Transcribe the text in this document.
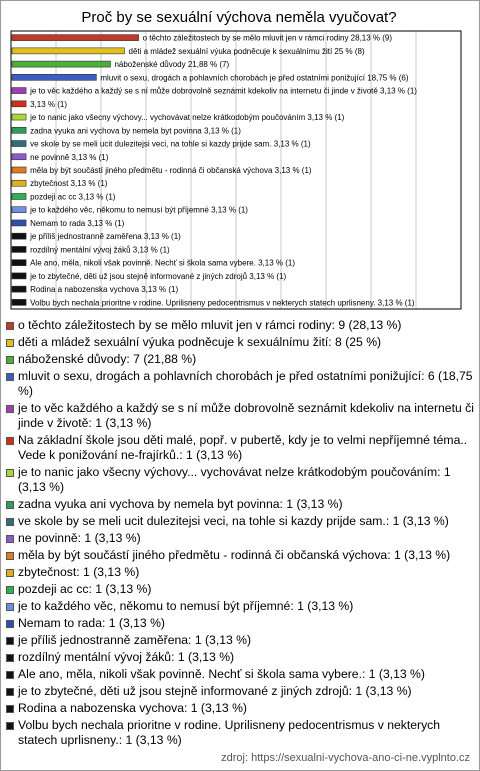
Proč by se sexuální výchova neměla vyučovat?
o těchto záležitostech by se mělo mluvit jen v rámci rodiny 28,13 % (9)
děti a mládež sexuální výuka podněcuje k sexuálnímu žití 25 % (8)
náboženské důvody 21,88 % (7)
mluvit o sexu, drogách a pohlavních chorobách je před ostatními ponižující 18,75 % (6)
je to věc každého a každý se s ní může dobrovolně seznámit kdekoliv na internetu či jinde v životě 3,13 % (1)
3,13 % (1)
je to nanic jako všecny výchovy... vychovávat nelze krátkodobým poučováním 3,13 % (1)
zadna vyuka ani vychova by nemela byt povinna 3,13 % (1)
ve skole by se meli ucit dulezitejsi veci, na tohle si kazdy prijde sam. 3,13 % (1)
ne povinně 3,13 % (1)
měla by být součástí jiného předmětu - rodinná či občanská výchova 3,13 % (1)
zbytečnost 3,13 % (1)
pozdeji ac cc 3,13 % (1)
je to každého věc, někomu to nemusí být příjemné 3,13 % (1)
Nemam to rada 3,13 % (1)
je příliš jednostranně zaměřena 3,13 % (1)
rozdílný mentální vývoj žáků 3,13 % (1)
Ale ano, měla, nikoli však povinně. Nechť si škola sama vybere. 3,13 % (1)
je to zbytečné, děti už jsou stejně informované z jiných zdrojů 3,13 % (1)
Rodina a nabozenska vychova 3,13 % (1)
Volbu bych nechala prioritne v rodine. Uprilisneny pedocentrismus v nekterych statech uprlisneny. 3,13 % (1)
o těchto záležitostech by se mělo mluvit jen v rámci rodiny: 9 (28,13 %)
děti a mládež sexuální výuka podněcuje k sexuálnímu žití: 8 (25 %)
náboženské důvody: 7 (21,88 %)
mluvit o sexu, drogách a pohlavních chorobách je před ostatními ponižující: 6 (18,75 %)
je to věc každého a každý se s ní může dobrovolně seznámit kdekoliv na internetu či jinde v životě: 1 (3,13 %)
Na základní škole jsou děti malé, popř. v pubertě, kdy je to velmi nepříjemné téma.. Vede k ponižování ne-frajírků.: 1 (3,13 %)
je to nanic jako všecny výchovy... vychovávat nelze krátkodobým poučováním: 1 (3,13 %)
zadna vyuka ani vychova by nemela byt povinna: 1 (3,13 %)
ve skole by se meli ucit dulezitejsi veci, na tohle si kazdy prijde sam.: 1 (3,13 %)
ne povinně: 1 (3,13 %)
měla by být součástí jiného předmětu - rodinná či občanská výchova: 1 (3,13 %)
zbytečnost: 1 (3,13 %)
pozdeji ac cc: 1 (3,13 %)
je to každého věc, někomu to nemusí být příjemné: 1 (3,13 %)
Nemam to rada: 1 (3,13 %)
je příliš jednostranně zaměřena: 1 (3,13 %)
rozdílný mentální vývoj žáků: 1 (3,13 %)
Ale ano, měla, nikoli však povinně. Nechť si škola sama vybere.: 1 (3,13 %)
je to zbytečné, děti už jsou stejně informované z jiných zdrojů: 1 (3,13 %)
Rodina a nabozenska vychova: 1 (3,13 %)
Volbu bych nechala prioritne v rodine. Uprilisneny pedocentrismus v nekterych statech uprlisneny.: 1 (3,13 %)
zdroj: https://sexualni-vychova-ano-ci-ne.vyplnto.cz
